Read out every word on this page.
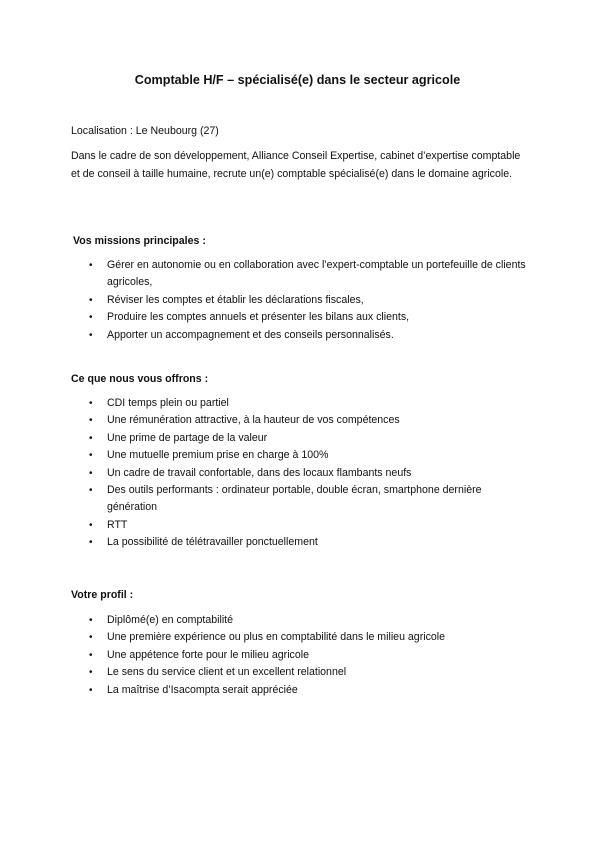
Comptable H/F – spécialisé(e) dans le secteur agricole
Localisation : Le Neubourg (27)

Dans le cadre de son développement, Alliance Conseil Expertise, cabinet d’expertise comptable et de conseil à taille humaine, recrute un(e) comptable spécialisé(e) dans le domaine agricole.

Vos missions principales :
• Gérer en autonomie ou en collaboration avec l’expert-comptable un portefeuille de clients agricoles,
• Réviser les comptes et établir les déclarations fiscales,
• Produire les comptes annuels et présenter les bilans aux clients,
• Apporter un accompagnement et des conseils personnalisés.
Ce que nous vous offrons :
• CDI temps plein ou partiel
• Une rémunération attractive, à la hauteur de vos compétences
• Une prime de partage de la valeur
• Une mutuelle premium prise en charge à 100%
• Un cadre de travail confortable, dans des locaux flambants neufs
• Des outils performants : ordinateur portable, double écran, smartphone dernière génération
• RTT
• La possibilité de télétravailler ponctuellement
Votre profil :
• Diplômé(e) en comptabilité
• Une première expérience ou plus en comptabilité dans le milieu agricole
• Une appétence forte pour le milieu agricole
• Le sens du service client et un excellent relationnel
• La maîtrise d’Isacompta serait appréciée
